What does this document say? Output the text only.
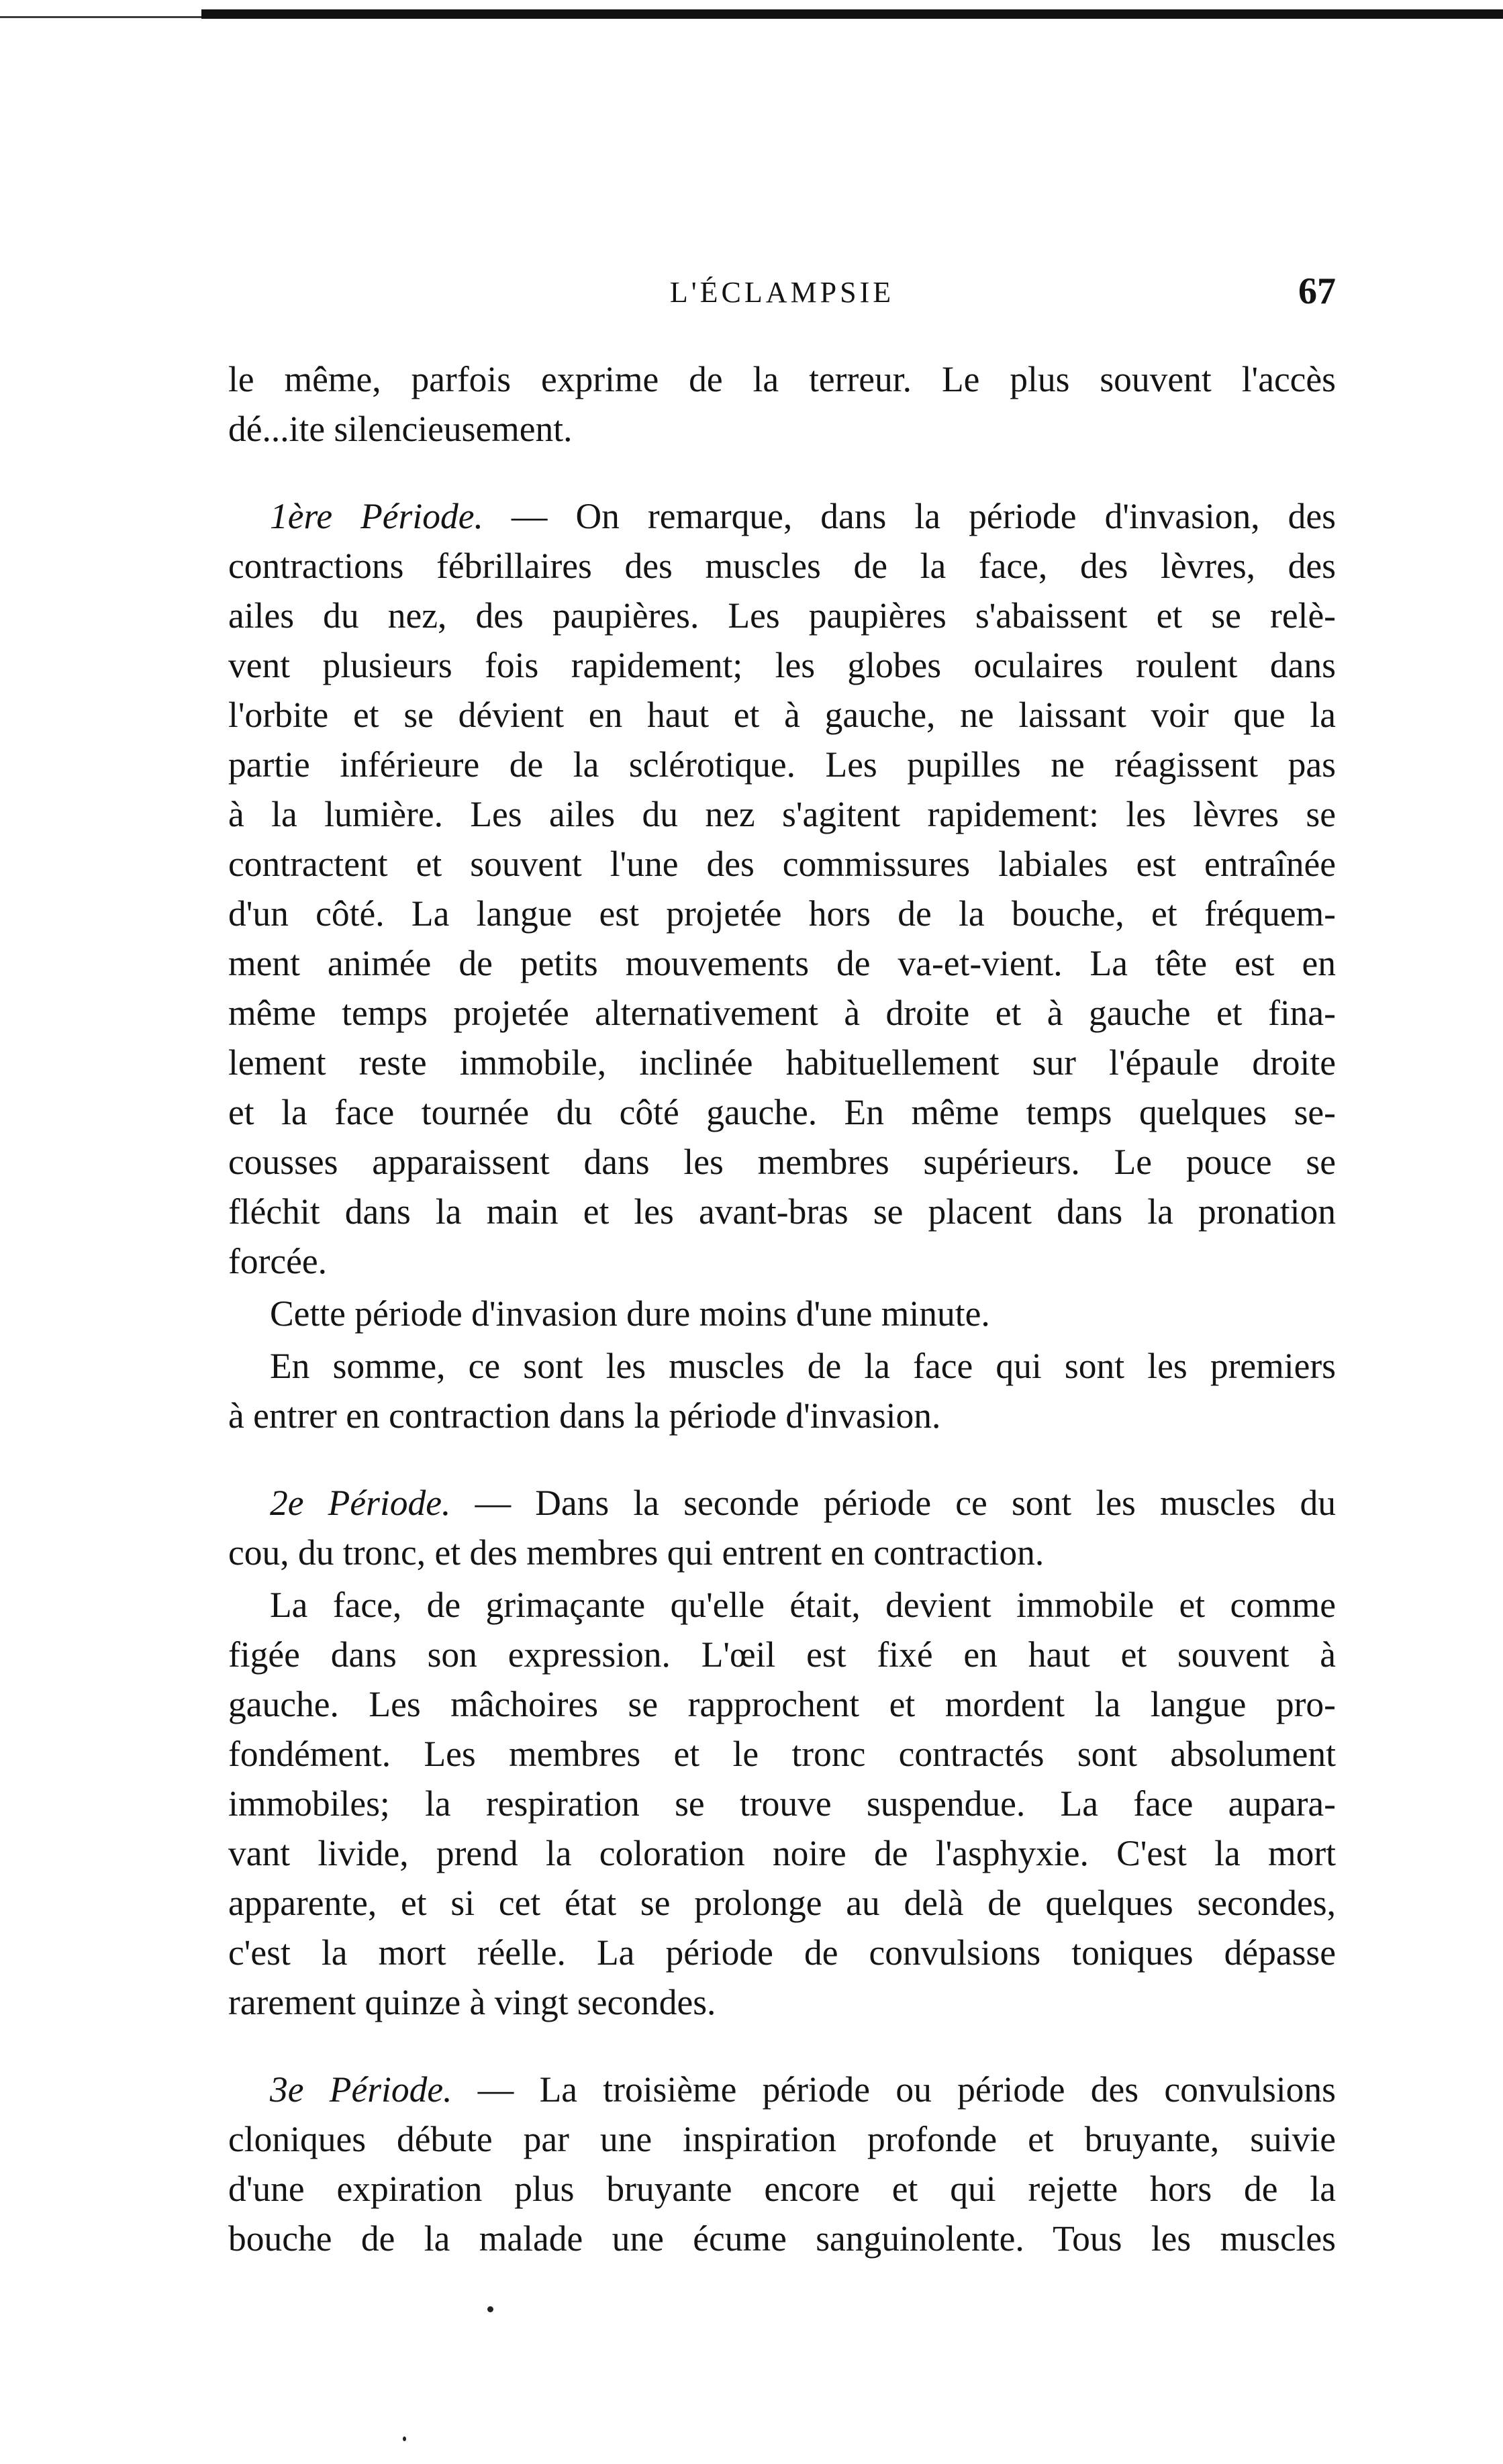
L'ÉCLAMPSIE	67
le même, parfois exprime de la terreur. Le plus souvent l'accès
dé...ite silencieusement.
1ère Période. — On remarque, dans la période d'invasion, des
contractions fébrillaires des muscles de la face, des lèvres, des
ailes du nez, des paupières. Les paupières s'abaissent et se relè-
vent plusieurs fois rapidement; les globes oculaires roulent dans
l'orbite et se dévient en haut et à gauche, ne laissant voir que la
partie inférieure de la sclérotique. Les pupilles ne réagissent pas
à la lumière. Les ailes du nez s'agitent rapidement: les lèvres se
contractent et souvent l'une des commissures labiales est entraînée
d'un côté. La langue est projetée hors de la bouche, et fréquem-
ment animée de petits mouvements de va-et-vient. La tête est en
même temps projetée alternativement à droite et à gauche et fina-
lement reste immobile, inclinée habituellement sur l'épaule droite
et la face tournée du côté gauche. En même temps quelques se-
cousses apparaissent dans les membres supérieurs. Le pouce se
fléchit dans la main et les avant-bras se placent dans la pronation
forcée.
Cette période d'invasion dure moins d'une minute.
En somme, ce sont les muscles de la face qui sont les premiers
à entrer en contraction dans la période d'invasion.
2e Période. — Dans la seconde période ce sont les muscles du
cou, du tronc, et des membres qui entrent en contraction.
La face, de grimaçante qu'elle était, devient immobile et comme
figée dans son expression. L'œil est fixé en haut et souvent à
gauche. Les mâchoires se rapprochent et mordent la langue pro-
fondément. Les membres et le tronc contractés sont absolument
immobiles; la respiration se trouve suspendue. La face aupara-
vant livide, prend la coloration noire de l'asphyxie. C'est la mort
apparente, et si cet état se prolonge au delà de quelques secondes,
c'est la mort réelle. La période de convulsions toniques dépasse
rarement quinze à vingt secondes.
3e Période. — La troisième période ou période des convulsions
cloniques débute par une inspiration profonde et bruyante, suivie
d'une expiration plus bruyante encore et qui rejette hors de la
bouche de la malade une écume sanguinolente. Tous les muscles
